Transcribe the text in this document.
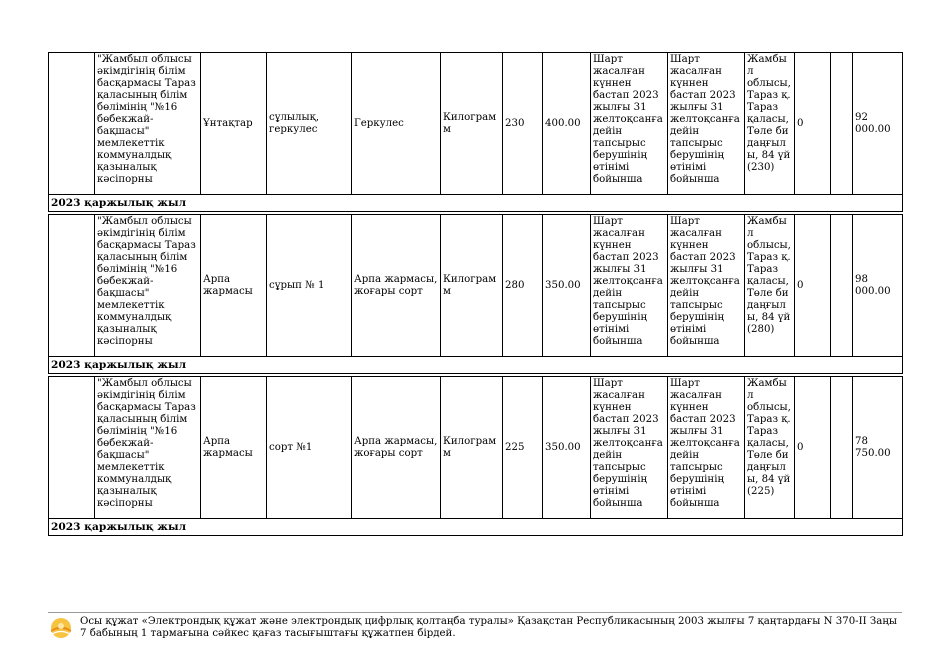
	"Жамбыл облысы әкімдігінің білім басқармасы Тараз қаласының білім бөлімінің "№16 бөбекжай-бақшасы" мемлекеттік коммуналдық қазыналық кәсіпорны	Ұнтақтар	сұлылық, геркулес	Геркулес	Килограмм	230	400.00	Шарт жасалған күннен бастап 2023 жылғы 31 желтоқсанға дейін тапсырыс берушінің өтінімі бойынша	Шарт жасалған күннен бастап 2023 жылғы 31 желтоқсанға дейін тапсырыс берушінің өтінімі бойынша	Жамбыл облысы, Тараз қ. Тараз қаласы, Төле би даңғылы, 84 үй (230)	0		92 000.00
2023 қаржылық жыл													

	"Жамбыл облысы әкімдігінің білім басқармасы Тараз қаласының білім бөлімінің "№16 бөбекжай-бақшасы" мемлекеттік коммуналдық қазыналық кәсіпорны	Арпа жармасы	сұрып № 1	Арпа жармасы, жоғары сорт	Килограмм	280	350.00	Шарт жасалған күннен бастап 2023 жылғы 31 желтоқсанға дейін тапсырыс берушінің өтінімі бойынша	Шарт жасалған күннен бастап 2023 жылғы 31 желтоқсанға дейін тапсырыс берушінің өтінімі бойынша	Жамбыл облысы, Тараз қ. Тараз қаласы, Төле би даңғылы, 84 үй (280)	0		98 000.00
2023 қаржылық жыл													

	"Жамбыл облысы әкімдігінің білім басқармасы Тараз қаласының білім бөлімінің "№16 бөбекжай-бақшасы" мемлекеттік коммуналдық қазыналық кәсіпорны	Арпа жармасы	сорт №1	Арпа жармасы, жоғары сорт	Килограмм	225	350.00	Шарт жасалған күннен бастап 2023 жылғы 31 желтоқсанға дейін тапсырыс берушінің өтінімі бойынша	Шарт жасалған күннен бастап 2023 жылғы 31 желтоқсанға дейін тапсырыс берушінің өтінімі бойынша	Жамбыл облысы, Тараз қ. Тараз қаласы, Төле би даңғылы, 84 үй (225)	0		78 750.00
2023 қаржылық жыл													
Осы құжат «Электрондық құжат және электрондық цифрлық қолтаңба туралы» Қазақстан Республикасының 2003 жылғы 7 қаңтардағы N 370-II Заңы 7 бабының 1 тармағына сәйкес қағаз тасығыштағы құжатпен бірдей.
